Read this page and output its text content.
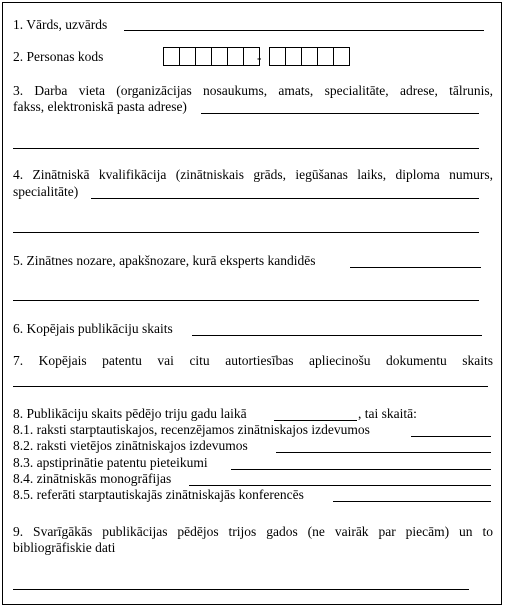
1. Vārds, uzvārds
2. Personas kods	-
3. Darba vieta (organizācijas nosaukums, amats, specialitāte, adrese, tālrunis,
fakss, elektroniskā pasta adrese)
4. Zinātniskā kvalifikācija (zinātniskais grāds, iegūšanas laiks, diploma numurs,
specialitāte)
5. Zinātnes nozare, apakšnozare, kurā eksperts kandidēs
6. Kopējais publikāciju skaits
7. Kopējais patentu vai citu autortiesības apliecinošu dokumentu skaits
8. Publikāciju skaits pēdējo triju gadu laikā	, tai skaitā:
8.1. raksti starptautiskajos, recenzējamos zinātniskajos izdevumos
8.2. raksti vietējos zinātniskajos izdevumos
8.3. apstiprinātie patentu pieteikumi
8.4. zinātniskās monogrāfijas
8.5. referāti starptautiskajās zinātniskajās konferencēs
9. Svarīgākās publikācijas pēdējos trijos gados (ne vairāk par piecām) un to
bibliogrāfiskie dati
